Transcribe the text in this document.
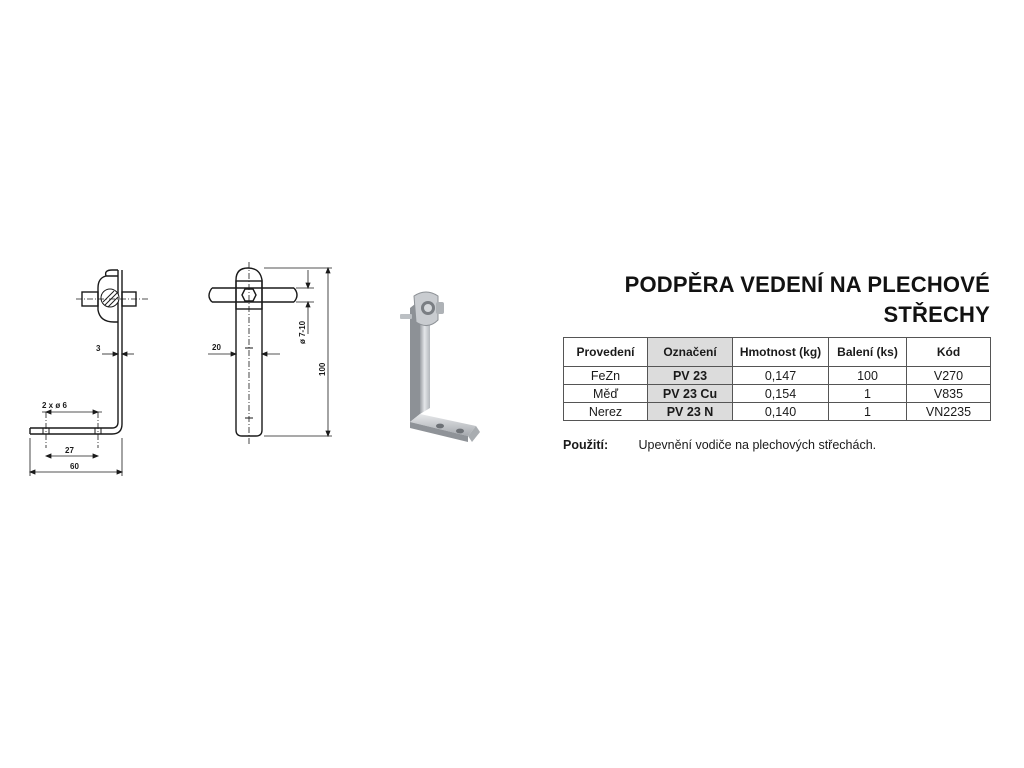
3
2 x ø 6
27
60
20
ø 7-10
100
PODPĚRA VEDENÍ NA PLECHOVÉ
STŘECHY
Provedení	Označení	Hmotnost (kg)	Balení (ks)	Kód
FeZn	PV 23	0,147	100	V270
Měď	PV 23 Cu	0,154	1	V835
Nerez	PV 23 N	0,140	1	VN2235
Použití: Upevnění vodiče na plechových střechách.
